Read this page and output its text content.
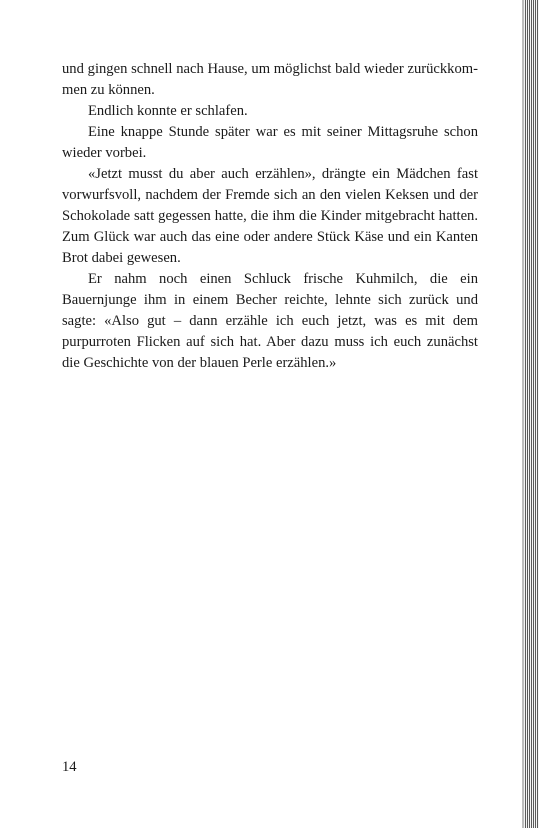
und gingen schnell nach Hause, um möglichst bald wieder zurückkommen zu können.

Endlich konnte er schlafen.

Eine knappe Stunde später war es mit seiner Mittagsruhe schon wieder vorbei.

«Jetzt musst du aber auch erzählen», drängte ein Mädchen fast vorwurfsvoll, nachdem der Fremde sich an den vielen Keksen und der Schokolade satt gegessen hatte, die ihm die Kinder mitgebracht hatten. Zum Glück war auch das eine oder andere Stück Käse und ein Kanten Brot dabei gewesen.

Er nahm noch einen Schluck frische Kuhmilch, die ein Bauernjunge ihm in einem Becher reichte, lehnte sich zurück und sagte: «Also gut – dann erzähle ich euch jetzt, was es mit dem purpurroten Flicken auf sich hat. Aber dazu muss ich euch zunächst die Geschichte von der blauen Perle erzählen.»

14
